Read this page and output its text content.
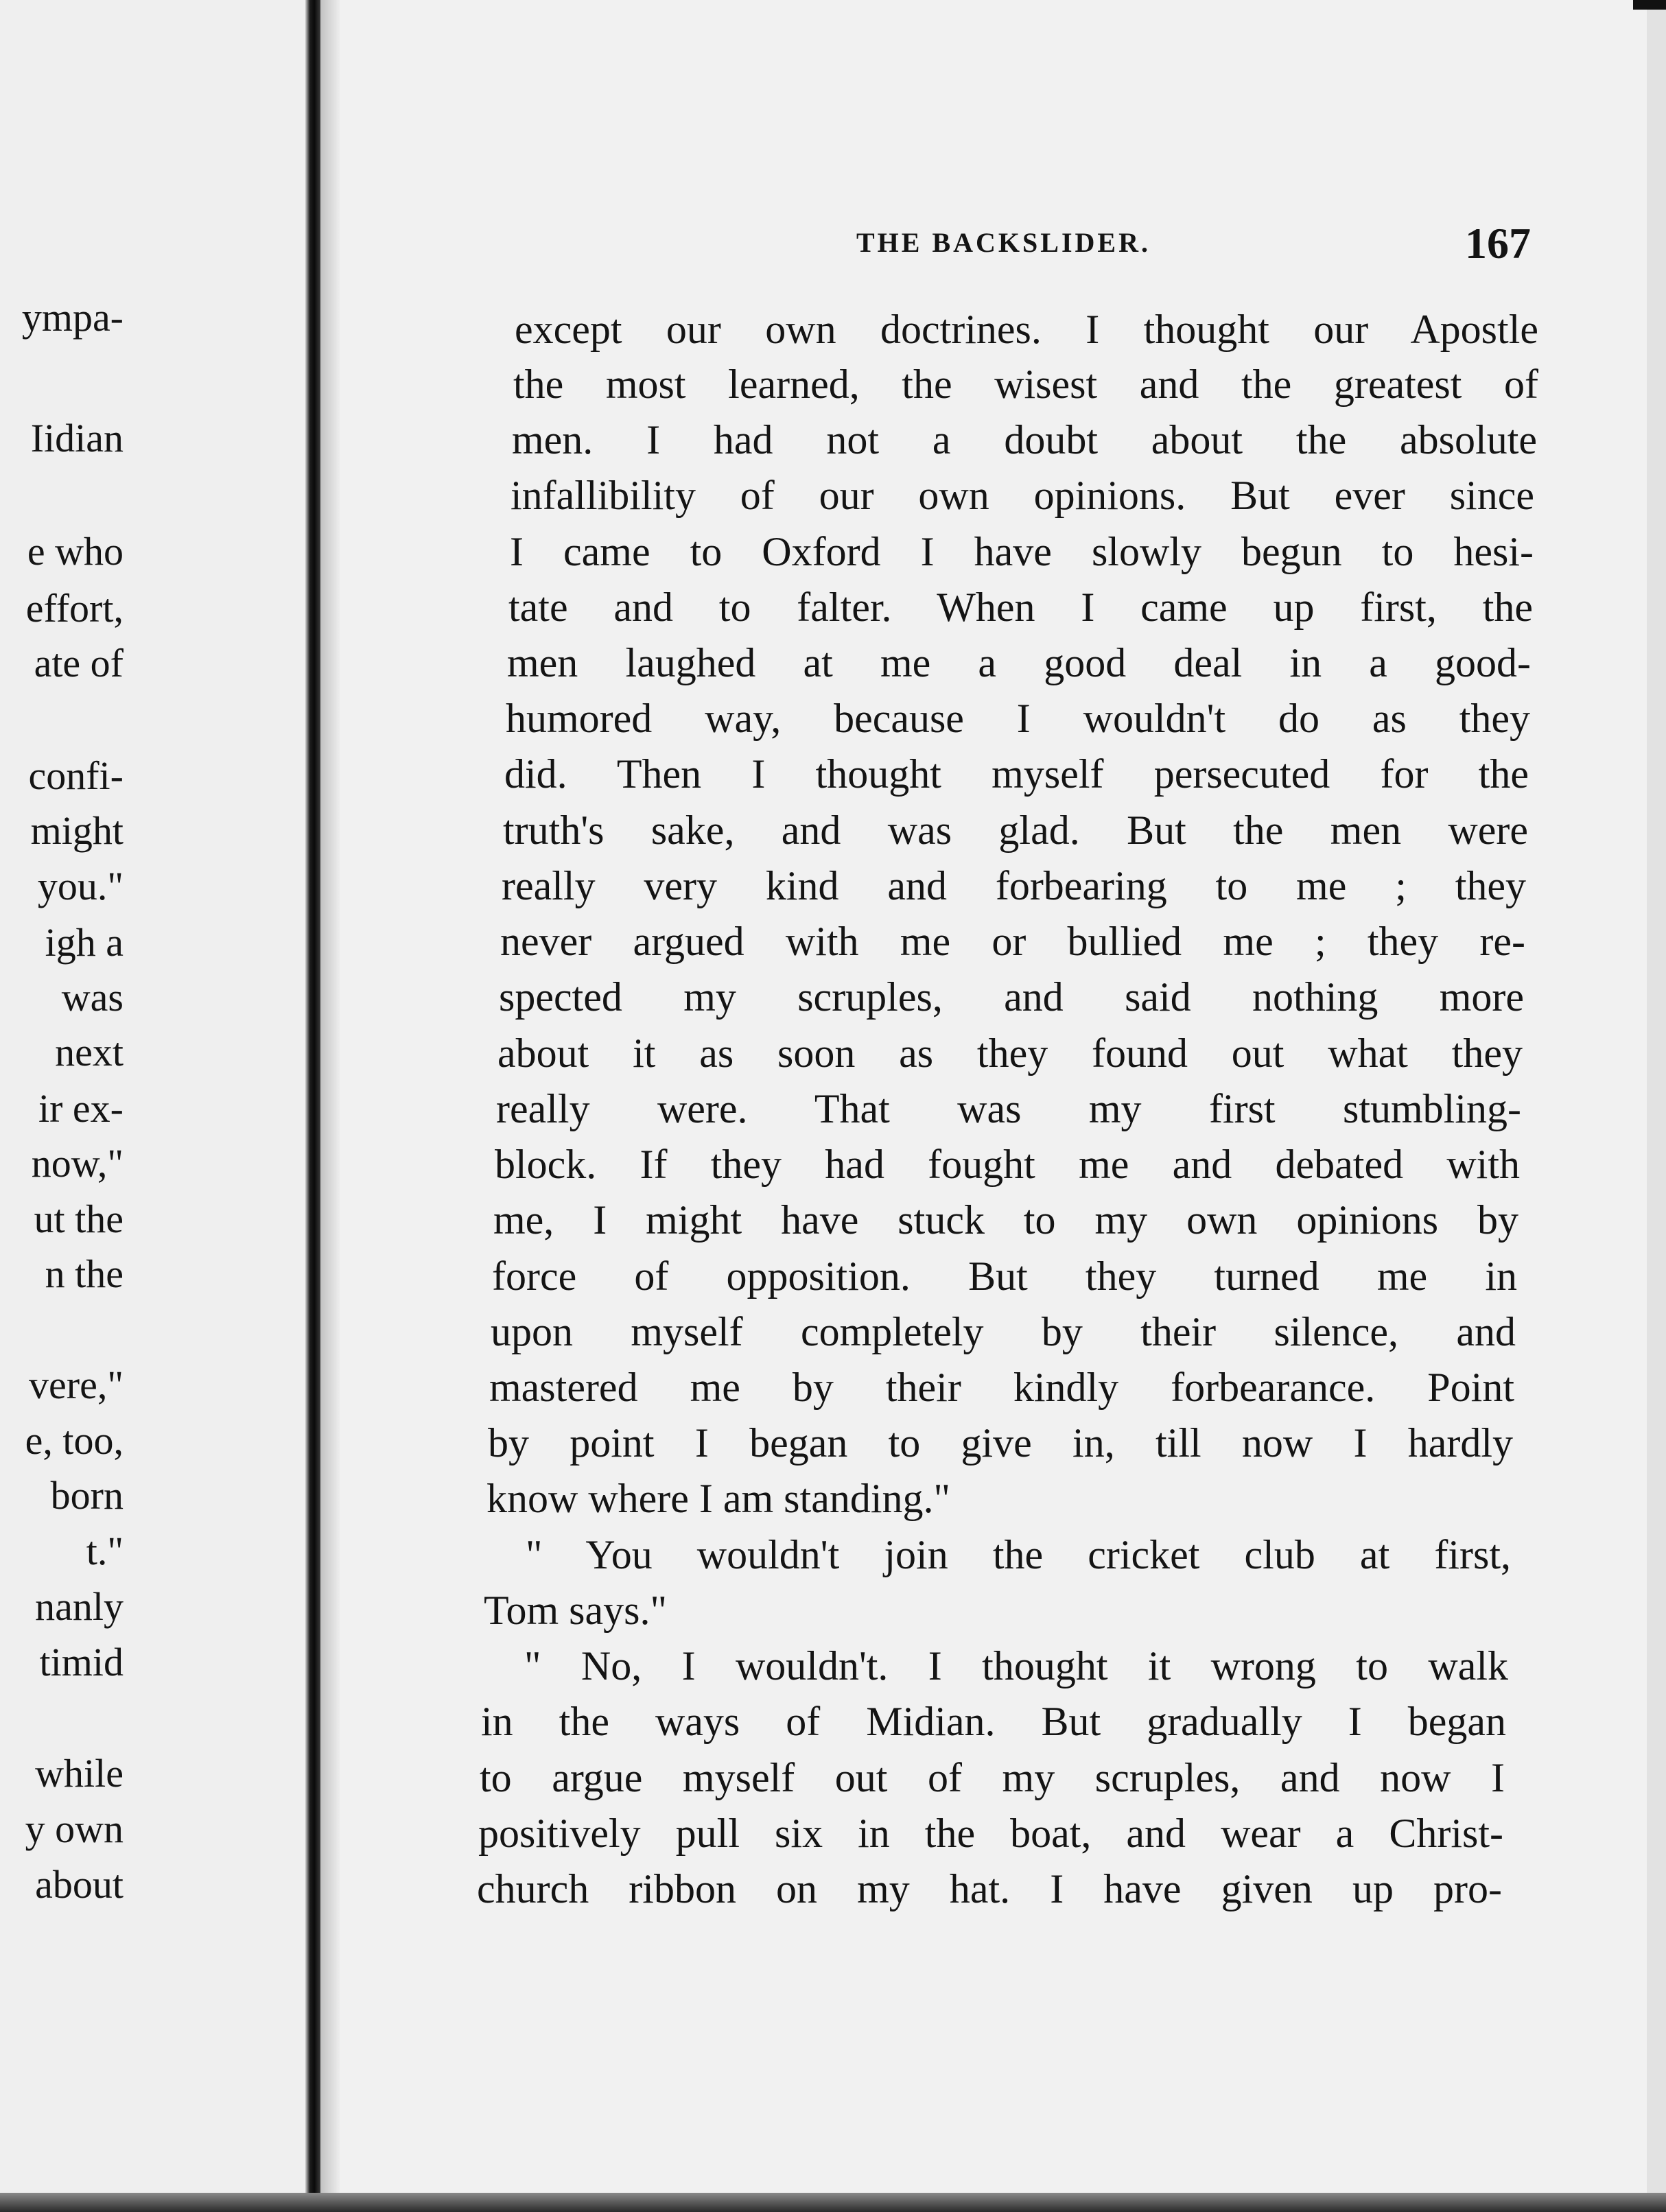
ympa-
Iidian
e who
effort,
ate of
confi-
might
you."
igh a
was
next
ir ex-
now,"
ut the
n the
vere,"
e, too,
born
t."
nanly
timid
while
y own
about
THE BACKSLIDER.	167
except our own doctrines. I thought our Apostle
the most learned, the wisest and the greatest of
men. I had not a doubt about the absolute
infallibility of our own opinions. But ever since
I came to Oxford I have slowly begun to hesi-
tate and to falter. When I came up first, the
men laughed at me a good deal in a good-
humored way, because I wouldn't do as they
did. Then I thought myself persecuted for the
truth's sake, and was glad. But the men were
really very kind and forbearing to me ; they
never argued with me or bullied me ; they re-
spected my scruples, and said nothing more
about it as soon as they found out what they
really were. That was my first stumbling-
block. If they had fought me and debated with
me, I might have stuck to my own opinions by
force of opposition. But they turned me in
upon myself completely by their silence, and
mastered me by their kindly forbearance. Point
by point I began to give in, till now I hardly
know where I am standing."
" You wouldn't join the cricket club at first,
Tom says."
" No, I wouldn't. I thought it wrong to walk
in the ways of Midian. But gradually I began
to argue myself out of my scruples, and now I
positively pull six in the boat, and wear a Christ-
church ribbon on my hat. I have given up pro-
